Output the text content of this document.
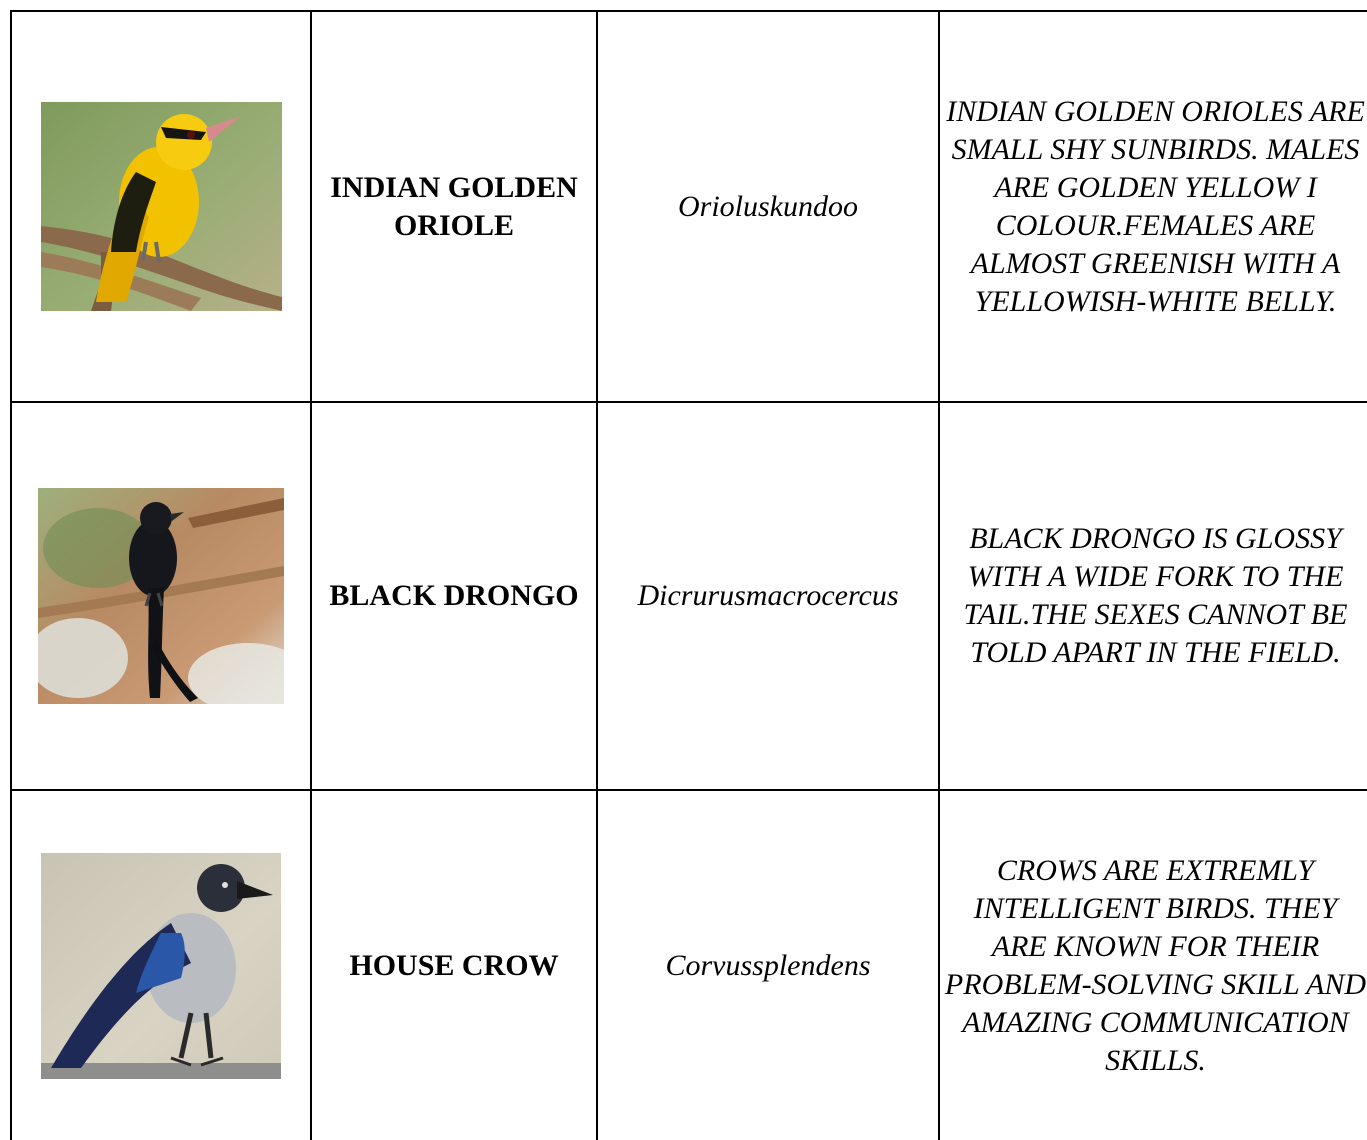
INDIAN GOLDEN ORIOLE	Orioluskundoo	INDIAN GOLDEN ORIOLES ARE SMALL SHY SUNBIRDS. MALES ARE GOLDEN YELLOW I COLOUR.FEMALES ARE ALMOST GREENISH WITH A YELLOWISH-WHITE BELLY.

BLACK DRONGO	Dicrurusmacrocercus	BLACK DRONGO IS GLOSSY WITH A WIDE FORK TO THE TAIL.THE SEXES CANNOT BE TOLD APART IN THE FIELD.

HOUSE CROW	Corvussplendens	CROWS ARE EXTREMLY INTELLIGENT BIRDS. THEY ARE KNOWN FOR THEIR PROBLEM-SOLVING SKILL AND AMAZING COMMUNICATION SKILLS.
